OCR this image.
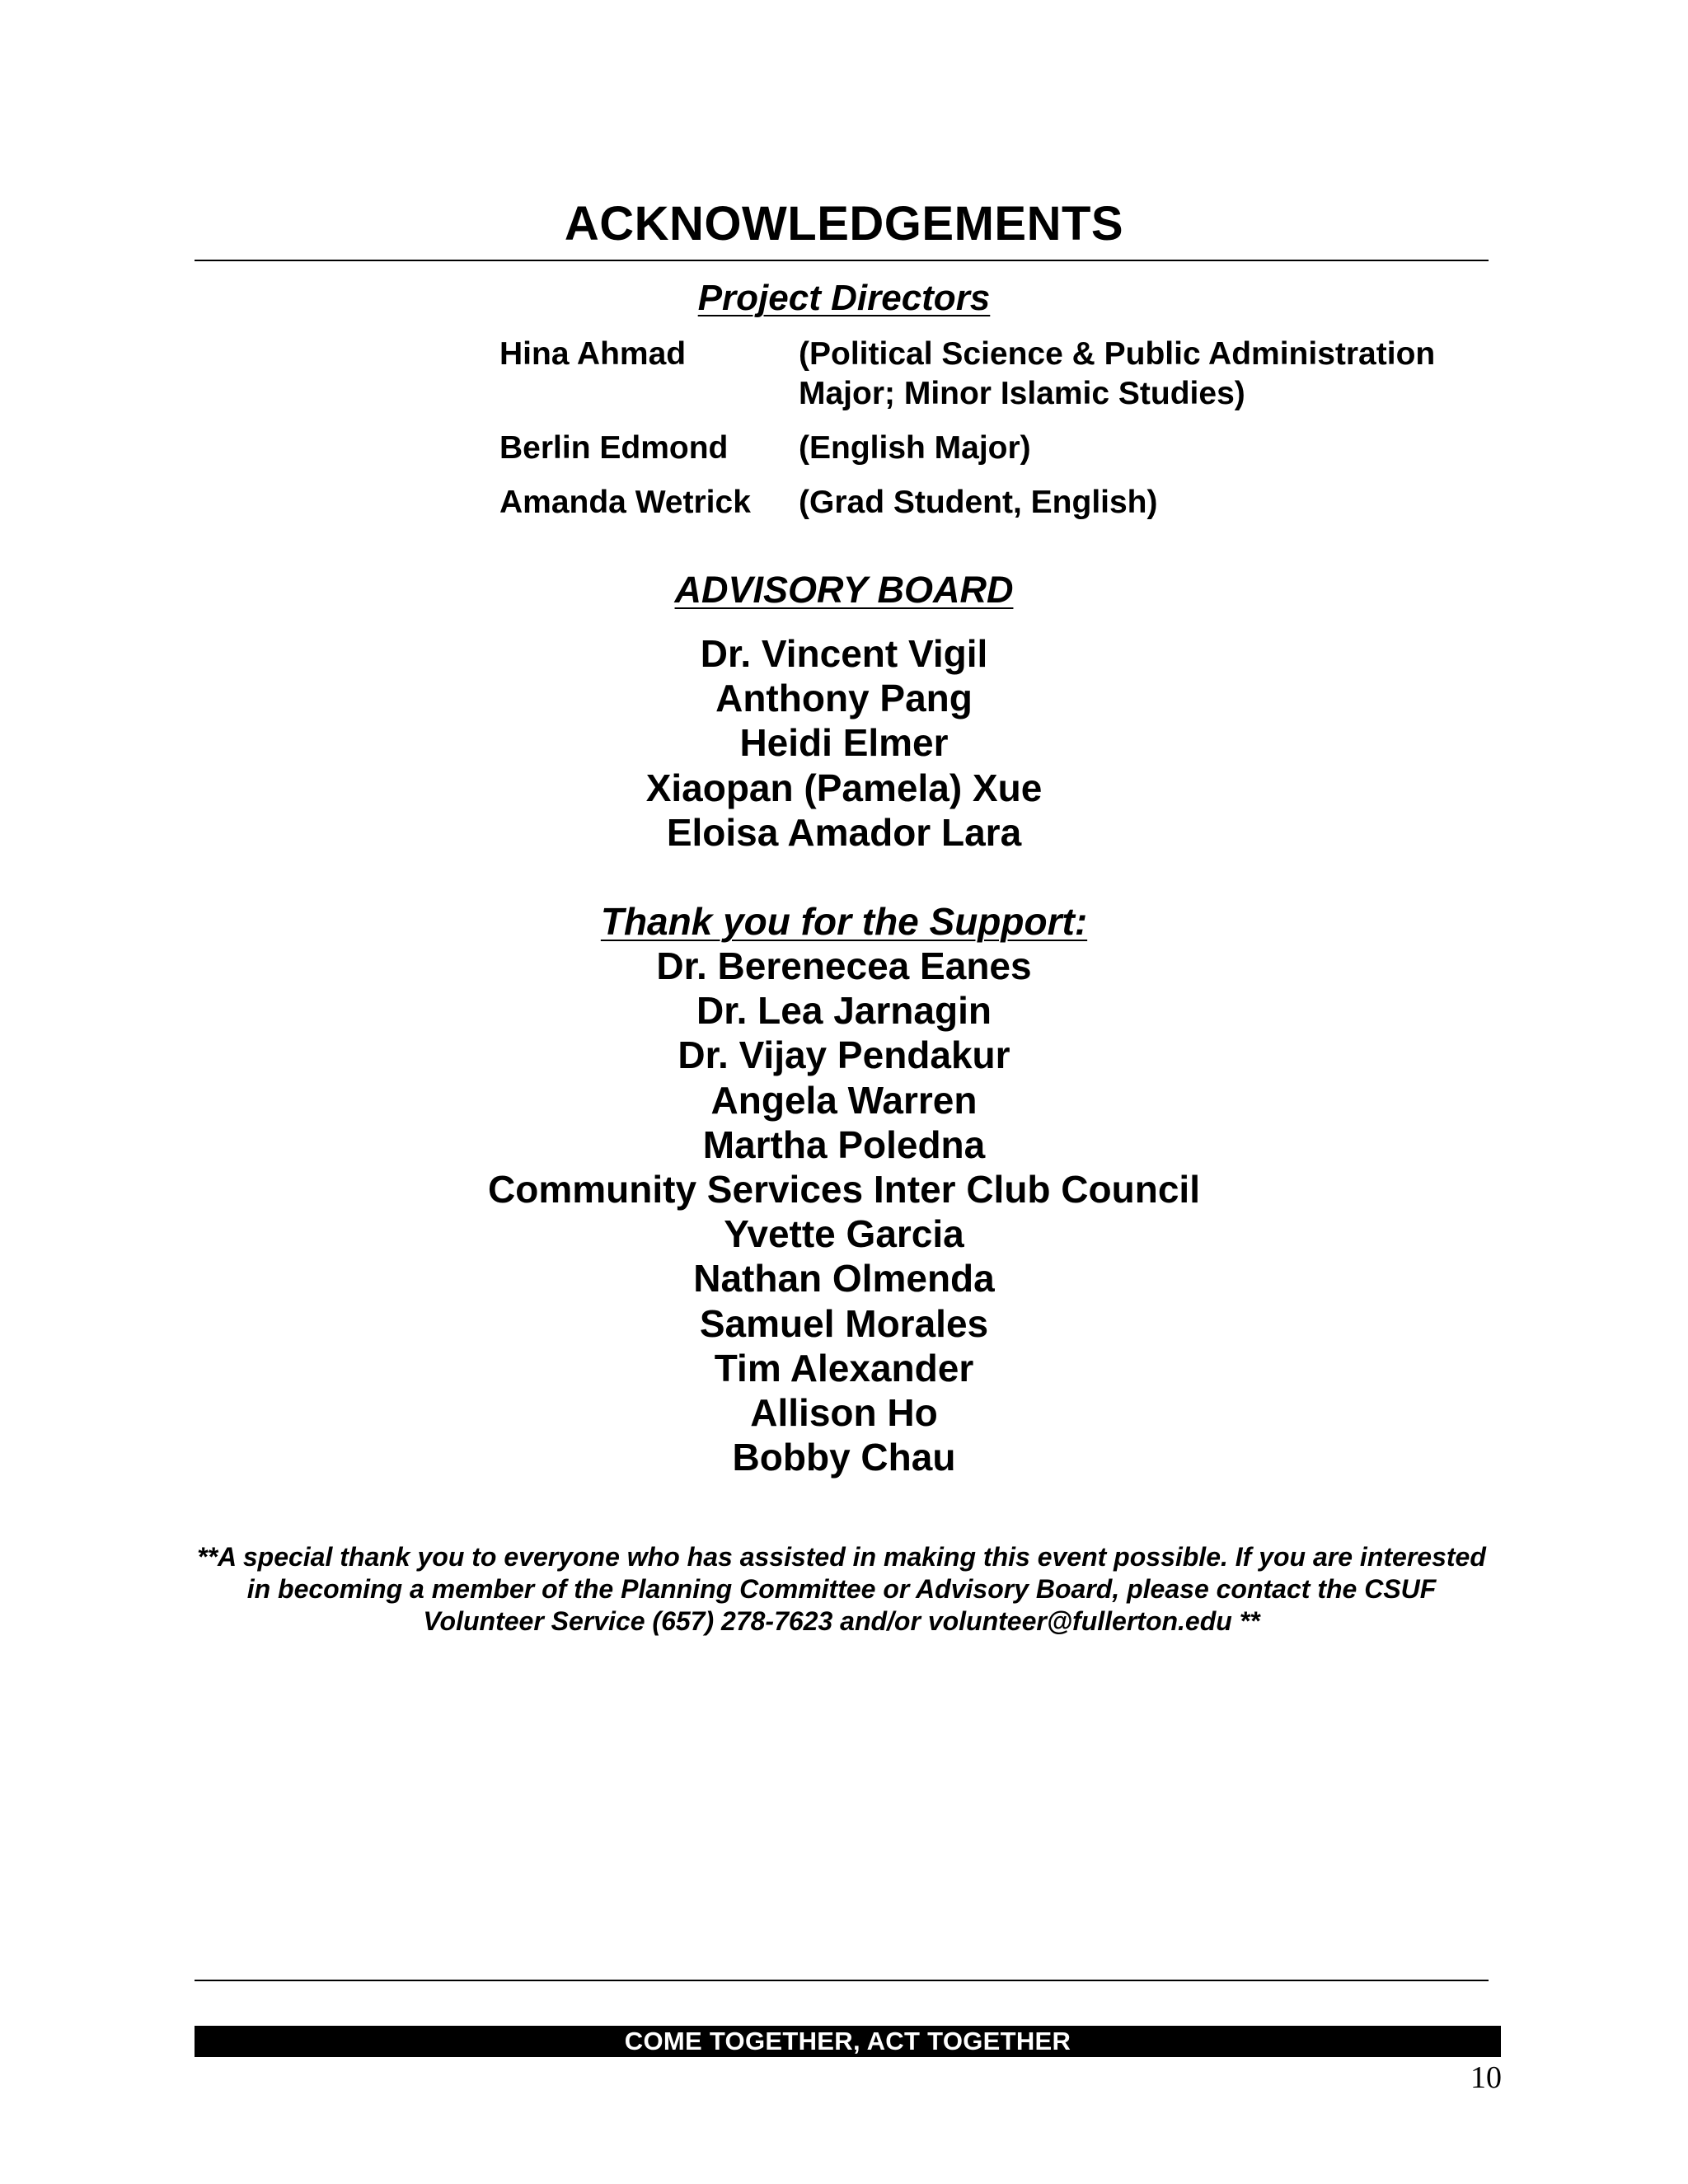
ACKNOWLEDGEMENTS
Project Directors
Hina Ahmad	(Political Science & Public Administration Major; Minor Islamic Studies)
Berlin Edmond	(English Major)
Amanda Wetrick	(Grad Student, English)
ADVISORY BOARD
Dr. Vincent Vigil
Anthony Pang
Heidi Elmer
Xiaopan (Pamela) Xue
Eloisa Amador Lara
Thank you for the Support:
Dr. Berenecea Eanes
Dr. Lea Jarnagin
Dr. Vijay Pendakur
Angela Warren
Martha Poledna
Community Services Inter Club Council
Yvette Garcia
Nathan Olmenda
Samuel Morales
Tim Alexander
Allison Ho
Bobby Chau
**A special thank you to everyone who has assisted in making this event possible. If you are interested in becoming a member of the Planning Committee or Advisory Board, please contact the CSUF Volunteer Service (657) 278-7623 and/or volunteer@fullerton.edu **
COME TOGETHER, ACT TOGETHER
10
